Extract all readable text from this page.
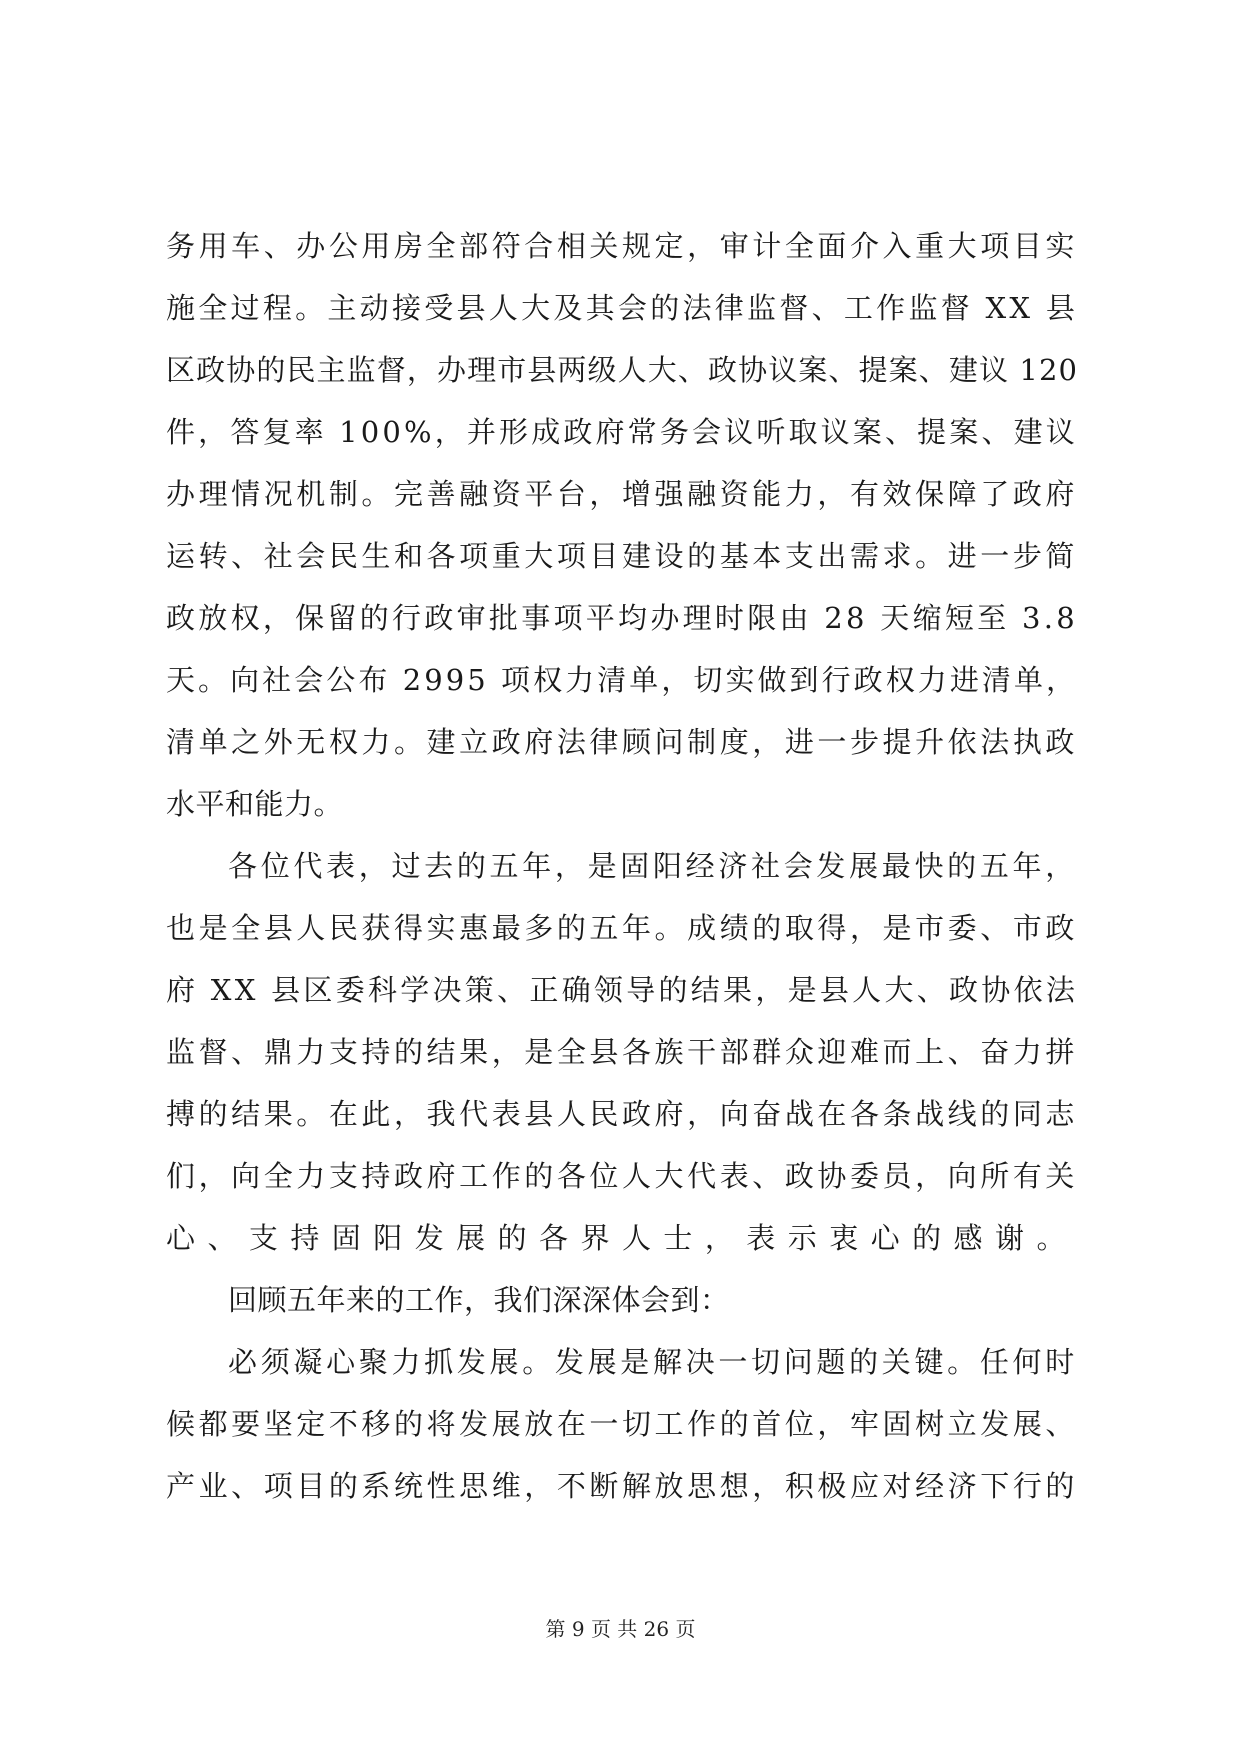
务用车、办公用房全部符合相关规定，审计全面介入重大项目实
施全过程。主动接受县人大及其会的法律监督、工作监督 XX 县
区政协的民主监督，办理市县两级人大、政协议案、提案、建议 120
件，答复率 100%，并形成政府常务会议听取议案、提案、建议
办理情况机制。完善融资平台，增强融资能力，有效保障了政府
运转、社会民生和各项重大项目建设的基本支出需求。进一步简
政放权，保留的行政审批事项平均办理时限由 28 天缩短至 3.8
天。向社会公布 2995 项权力清单，切实做到行政权力进清单，
清单之外无权力。建立政府法律顾问制度，进一步提升依法执政
水平和能力。
各位代表，过去的五年，是固阳经济社会发展最快的五年，
也是全县人民获得实惠最多的五年。成绩的取得，是市委、市政
府 XX 县区委科学决策、正确领导的结果，是县人大、政协依法
监督、鼎力支持的结果，是全县各族干部群众迎难而上、奋力拼
搏的结果。在此，我代表县人民政府，向奋战在各条战线的同志
们，向全力支持政府工作的各位人大代表、政协委员，向所有关
心、支持固阳发展的各界人士，表示衷心的感谢。
回顾五年来的工作，我们深深体会到：
必须凝心聚力抓发展。发展是解决一切问题的关键。任何时
候都要坚定不移的将发展放在一切工作的首位，牢固树立发展、
产业、项目的系统性思维，不断解放思想，积极应对经济下行的
第 9 页 共 26 页
